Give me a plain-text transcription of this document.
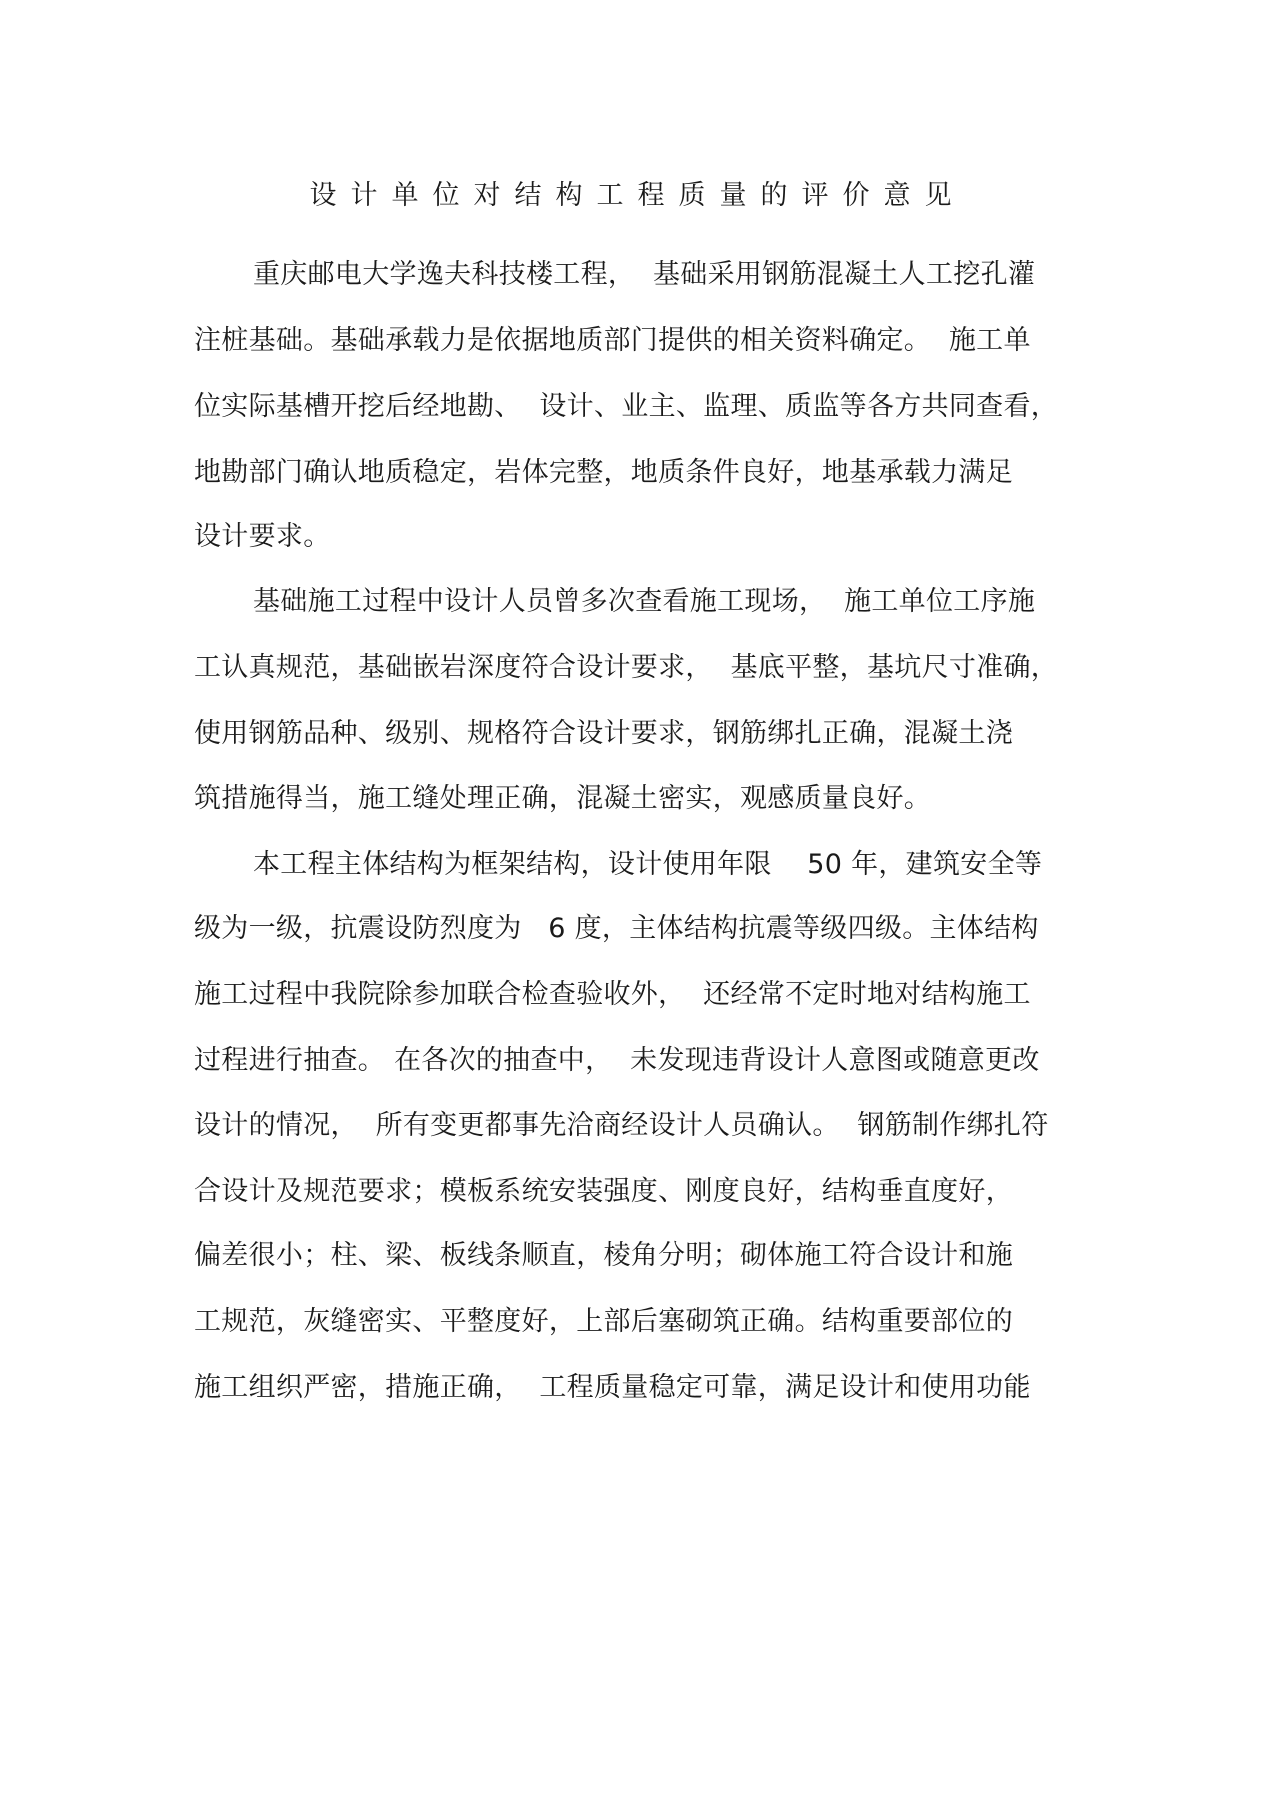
设计单位对结构工程质量的评价意见
重庆邮电大学逸夫科技楼工程，  基础采用钢筋混凝土人工挖孔灌
注桩基础。基础承载力是依据地质部门提供的相关资料确定。  施工单
位实际基槽开挖后经地勘、  设计、业主、监理、质监等各方共同查看，
地勘部门确认地质稳定，岩体完整，地质条件良好，地基承载力满足
设计要求。
基础施工过程中设计人员曾多次查看施工现场，  施工单位工序施
工认真规范，基础嵌岩深度符合设计要求，  基底平整，基坑尺寸准确，
使用钢筋品种、级别、规格符合设计要求，钢筋绑扎正确，混凝土浇
筑措施得当，施工缝处理正确，混凝土密实，观感质量良好。
本工程主体结构为框架结构，设计使用年限    50 年，建筑安全等
级为一级，抗震设防烈度为   6 度，主体结构抗震等级四级。主体结构
施工过程中我院除参加联合检查验收外，  还经常不定时地对结构施工
过程进行抽查。 在各次的抽查中，  未发现违背设计人意图或随意更改
设计的情况，  所有变更都事先洽商经设计人员确认。  钢筋制作绑扎符
合设计及规范要求；模板系统安装强度、刚度良好，结构垂直度好，
偏差很小；柱、梁、板线条顺直，棱角分明；砌体施工符合设计和施
工规范，灰缝密实、平整度好，上部后塞砌筑正确。结构重要部位的
施工组织严密，措施正确，  工程质量稳定可靠，满足设计和使用功能
